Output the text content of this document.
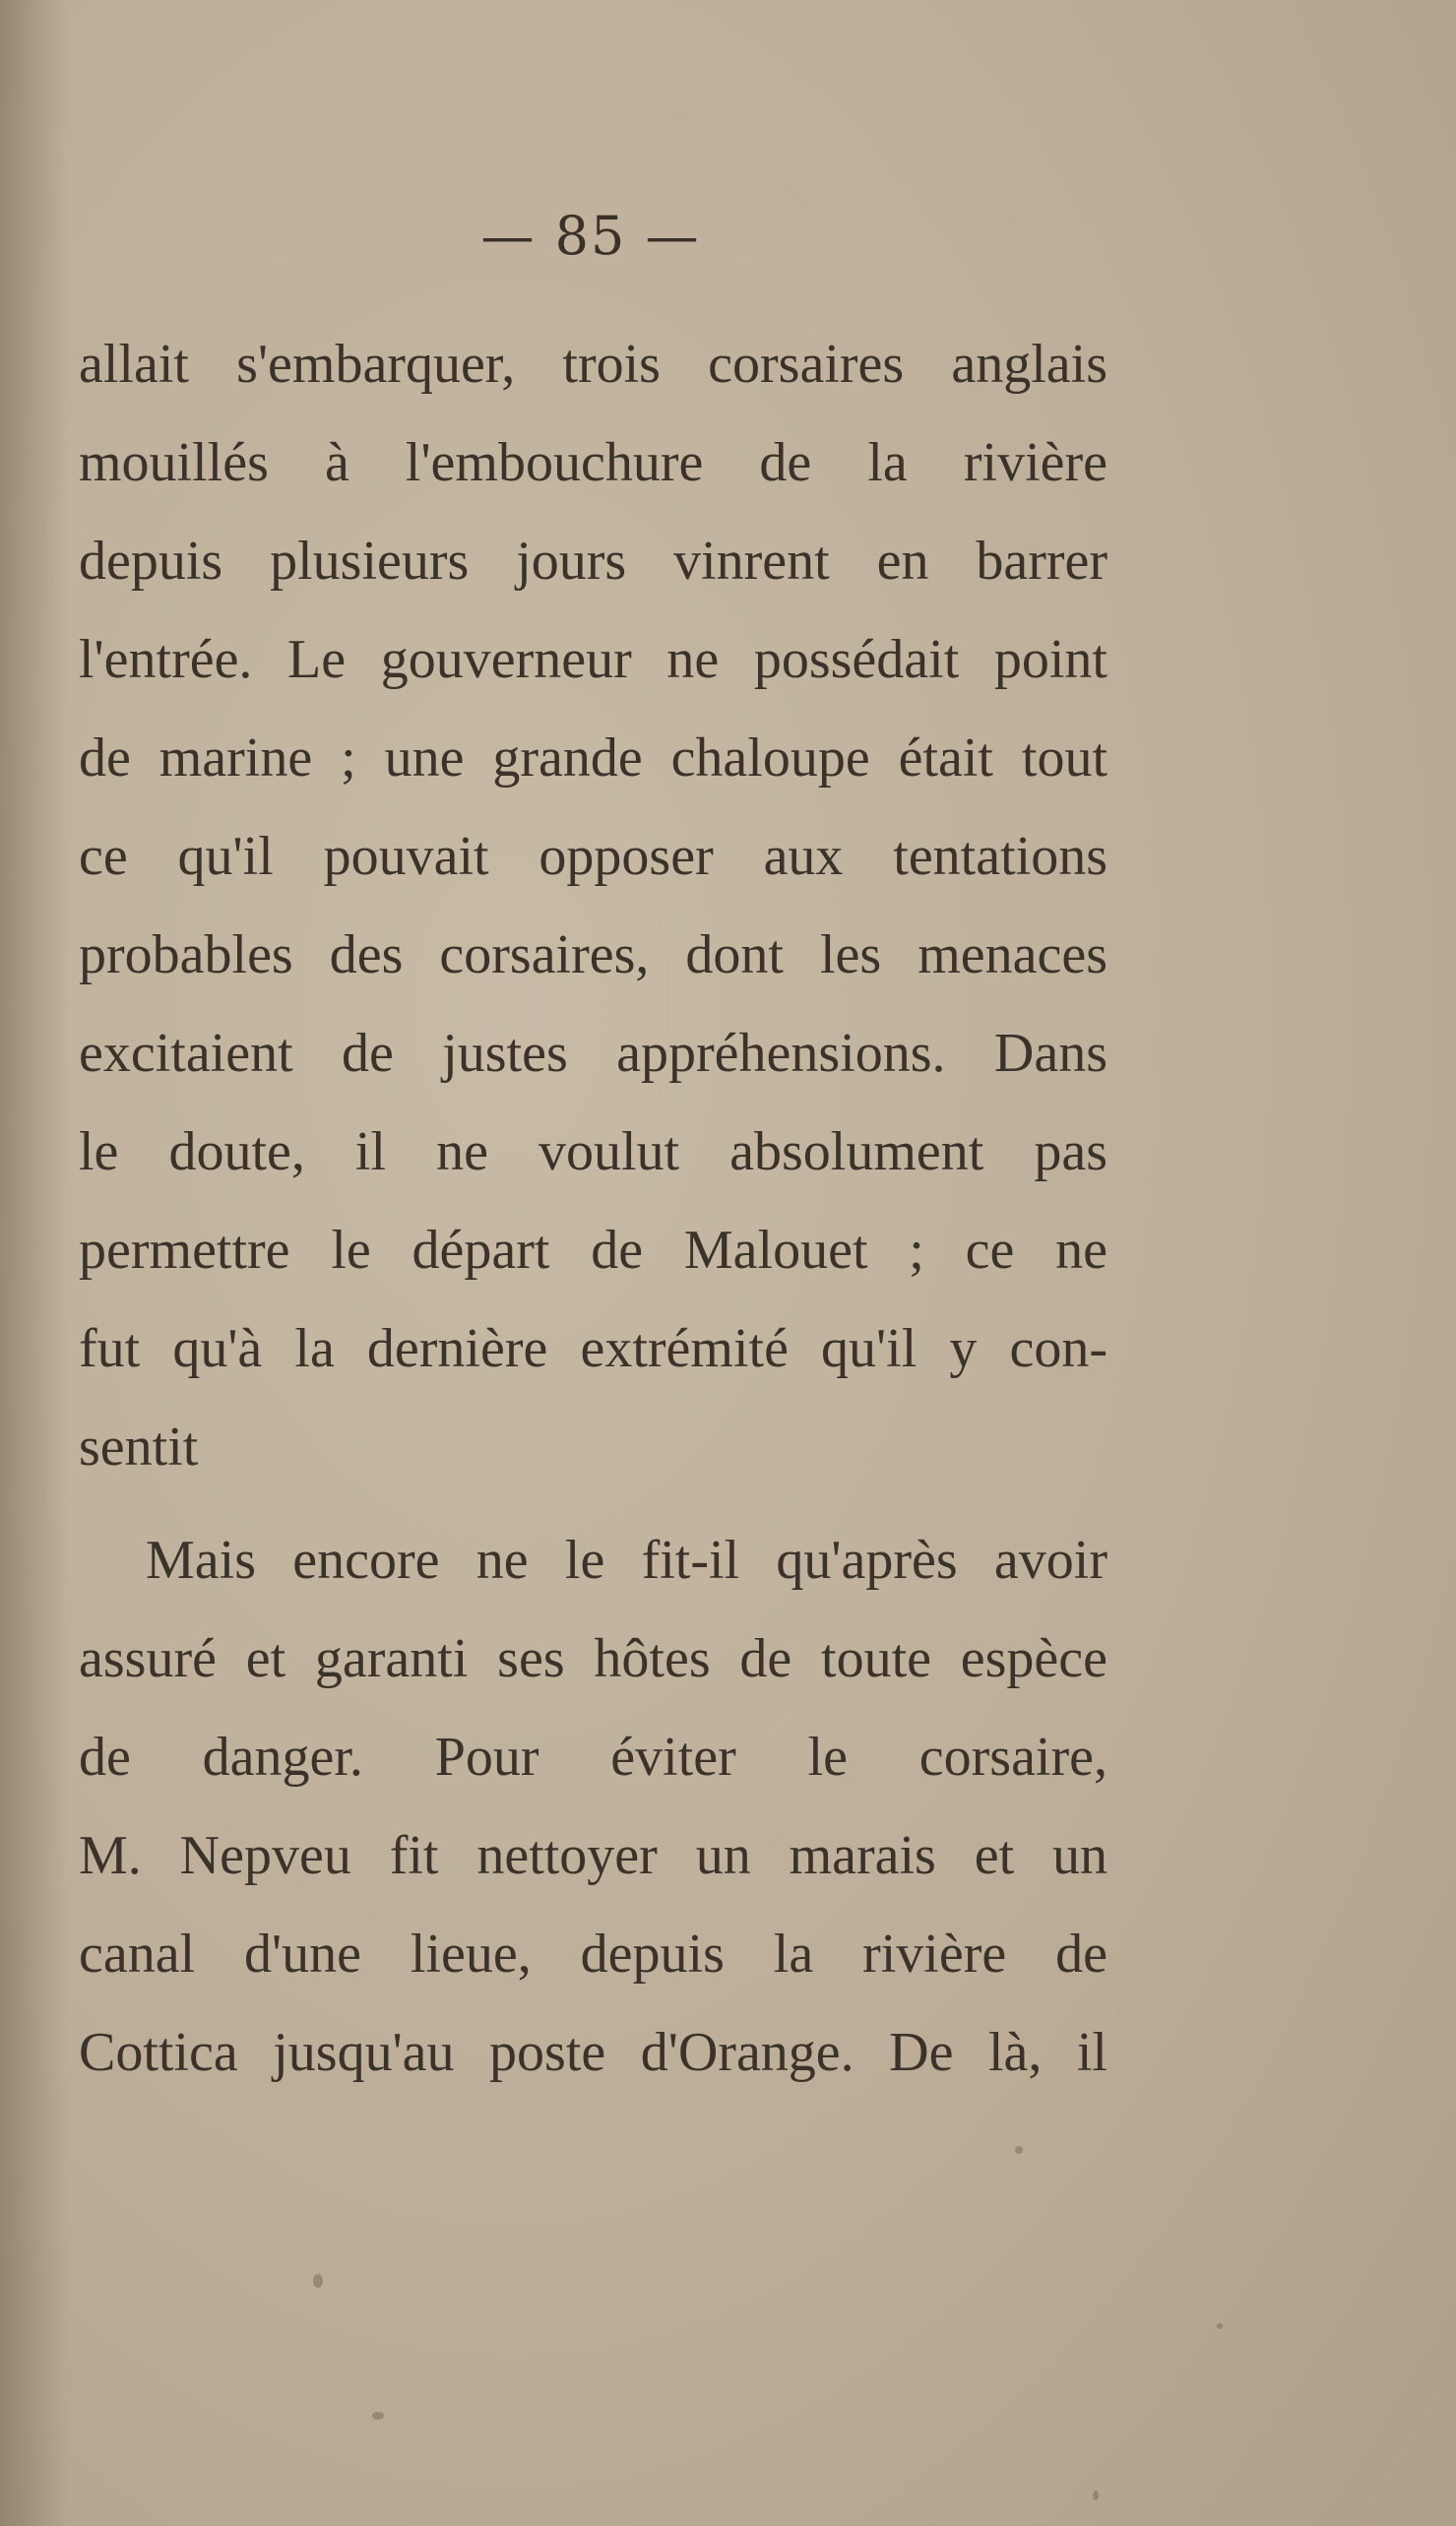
— 85 —
allait s'embarquer, trois corsaires anglais
mouillés à l'embouchure de la rivière
depuis plusieurs jours vinrent en barrer
l'entrée. Le gouverneur ne possédait point
de marine ; une grande chaloupe était tout
ce qu'il pouvait opposer aux tentations
probables des corsaires, dont les menaces
excitaient de justes appréhensions. Dans
le doute, il ne voulut absolument pas
permettre le départ de Malouet ; ce ne
fut qu'à la dernière extrémité qu'il y con-
sentit
Mais encore ne le fit-il qu'après avoir
assuré et garanti ses hôtes de toute espèce
de danger. Pour éviter le corsaire,
M. Nepveu fit nettoyer un marais et un
canal d'une lieue, depuis la rivière de
Cottica jusqu'au poste d'Orange. De là, il
